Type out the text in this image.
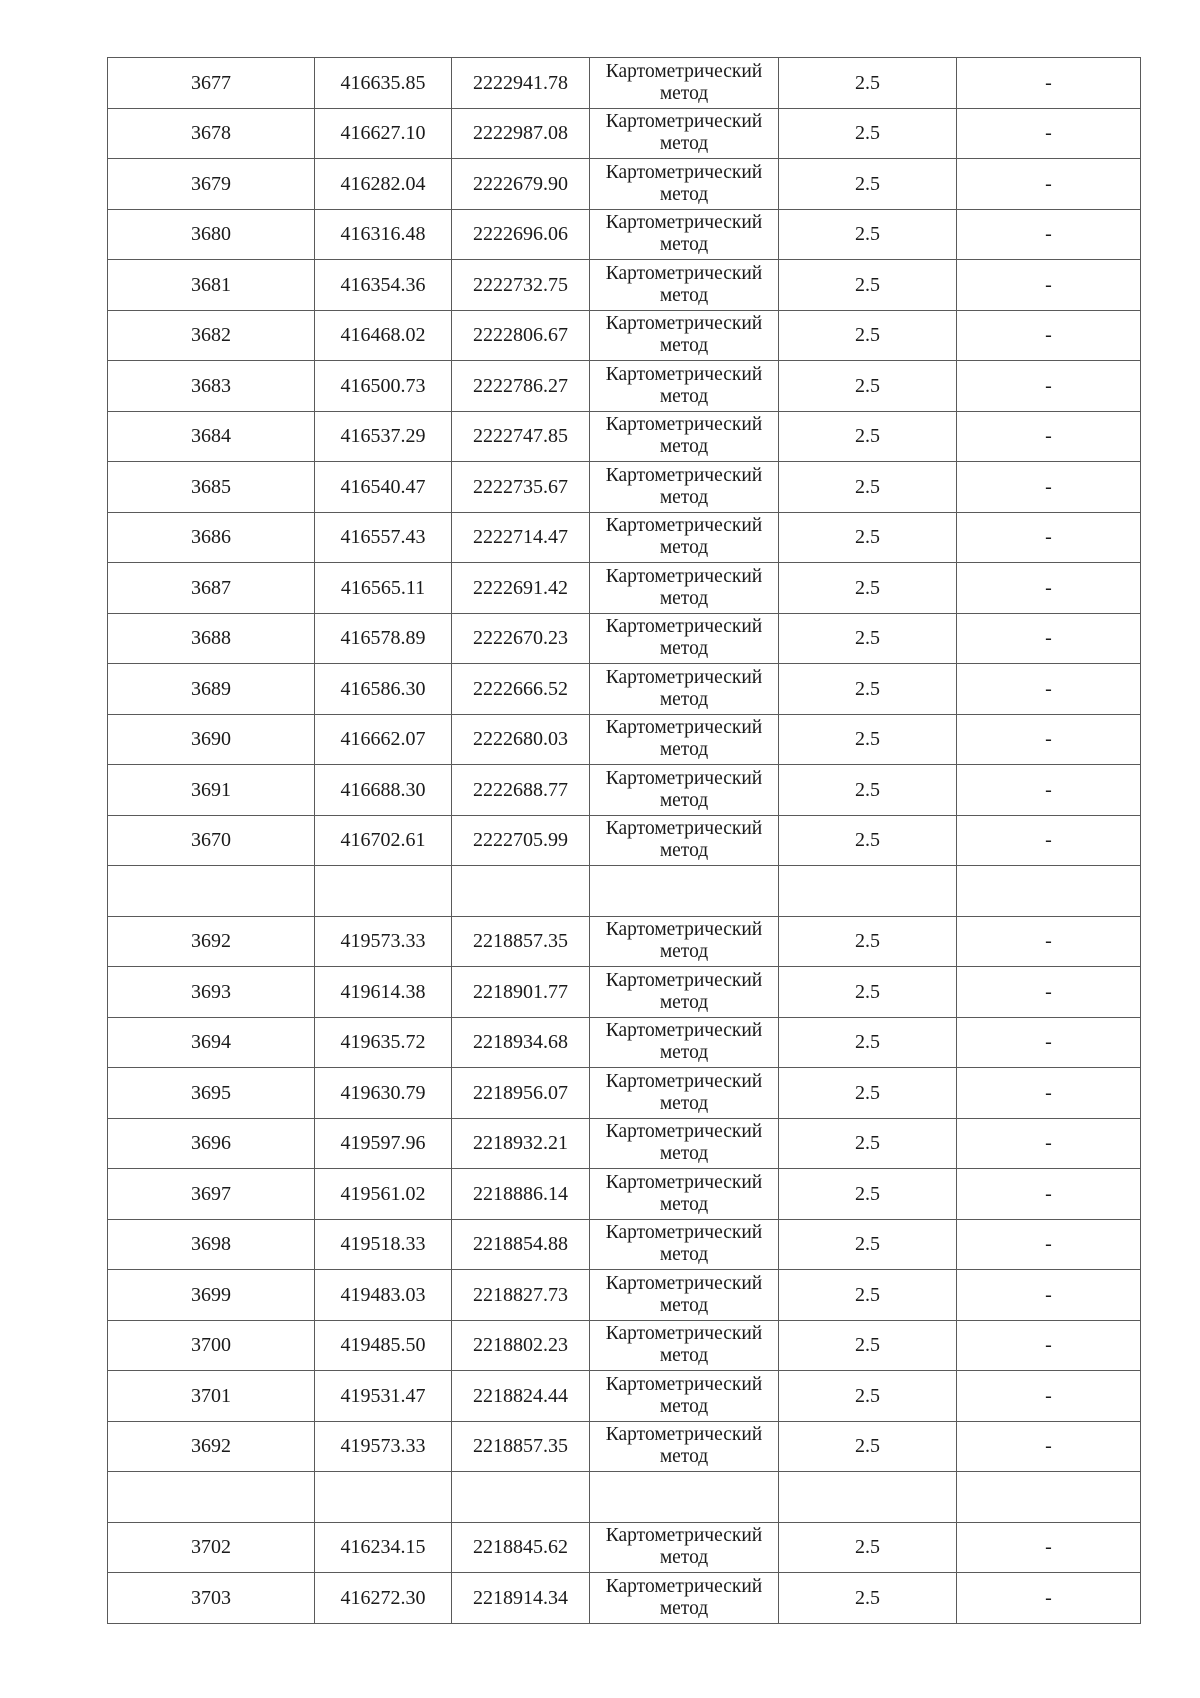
3677	416635.85	2222941.78	Картометрический метод	2.5	-
3678	416627.10	2222987.08	Картометрический метод	2.5	-
3679	416282.04	2222679.90	Картометрический метод	2.5	-
3680	416316.48	2222696.06	Картометрический метод	2.5	-
3681	416354.36	2222732.75	Картометрический метод	2.5	-
3682	416468.02	2222806.67	Картометрический метод	2.5	-
3683	416500.73	2222786.27	Картометрический метод	2.5	-
3684	416537.29	2222747.85	Картометрический метод	2.5	-
3685	416540.47	2222735.67	Картометрический метод	2.5	-
3686	416557.43	2222714.47	Картометрический метод	2.5	-
3687	416565.11	2222691.42	Картометрический метод	2.5	-
3688	416578.89	2222670.23	Картометрический метод	2.5	-
3689	416586.30	2222666.52	Картометрический метод	2.5	-
3690	416662.07	2222680.03	Картометрический метод	2.5	-
3691	416688.30	2222688.77	Картометрический метод	2.5	-
3670	416702.61	2222705.99	Картометрический метод	2.5	-

3692	419573.33	2218857.35	Картометрический метод	2.5	-
3693	419614.38	2218901.77	Картометрический метод	2.5	-
3694	419635.72	2218934.68	Картометрический метод	2.5	-
3695	419630.79	2218956.07	Картометрический метод	2.5	-
3696	419597.96	2218932.21	Картометрический метод	2.5	-
3697	419561.02	2218886.14	Картометрический метод	2.5	-
3698	419518.33	2218854.88	Картометрический метод	2.5	-
3699	419483.03	2218827.73	Картометрический метод	2.5	-
3700	419485.50	2218802.23	Картометрический метод	2.5	-
3701	419531.47	2218824.44	Картометрический метод	2.5	-
3692	419573.33	2218857.35	Картометрический метод	2.5	-

3702	416234.15	2218845.62	Картометрический метод	2.5	-
3703	416272.30	2218914.34	Картометрический метод	2.5	-
